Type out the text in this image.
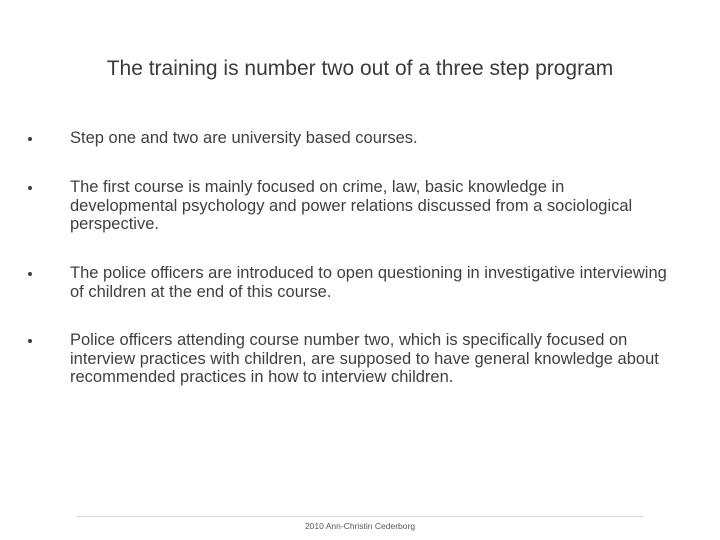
The training is number two out of a three step program
Step one and two are university based courses.
The first course is mainly focused on crime, law, basic knowledge in developmental psychology and power relations discussed from a sociological perspective.
The police officers are introduced to open questioning in investigative interviewing of children at the end of this course.
Police officers attending course number two, which is specifically focused on interview practices with children, are supposed to have general knowledge about recommended practices in how to interview children.
2010 Ann-Christin Cederborg
